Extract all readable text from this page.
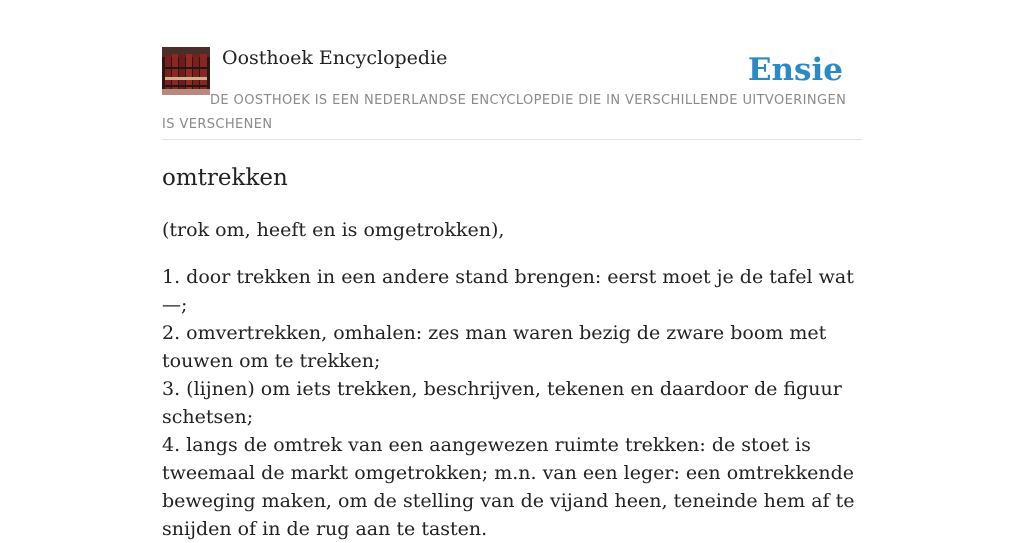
Oosthoek Encyclopedie	Ensie
DE OOSTHOEK IS EEN NEDERLANDSE ENCYCLOPEDIE DIE IN VERSCHILLENDE UITVOERINGEN IS VERSCHENEN
omtrekken
(trok om, heeft en is omgetrokken),
1. door trekken in een andere stand brengen: eerst moet je de tafel wat —;
2. omvertrekken, omhalen: zes man waren bezig de zware boom met touwen om te trekken;
3. (lijnen) om iets trekken, beschrijven, tekenen en daardoor de figuur schetsen;
4. langs de omtrek van een aangewezen ruimte trekken: de stoet is tweemaal de markt omgetrokken; m.n. van een leger: een omtrekkende beweging maken, om de stelling van de vijand heen, teneinde hem af te snijden of in de rug aan te tasten.
